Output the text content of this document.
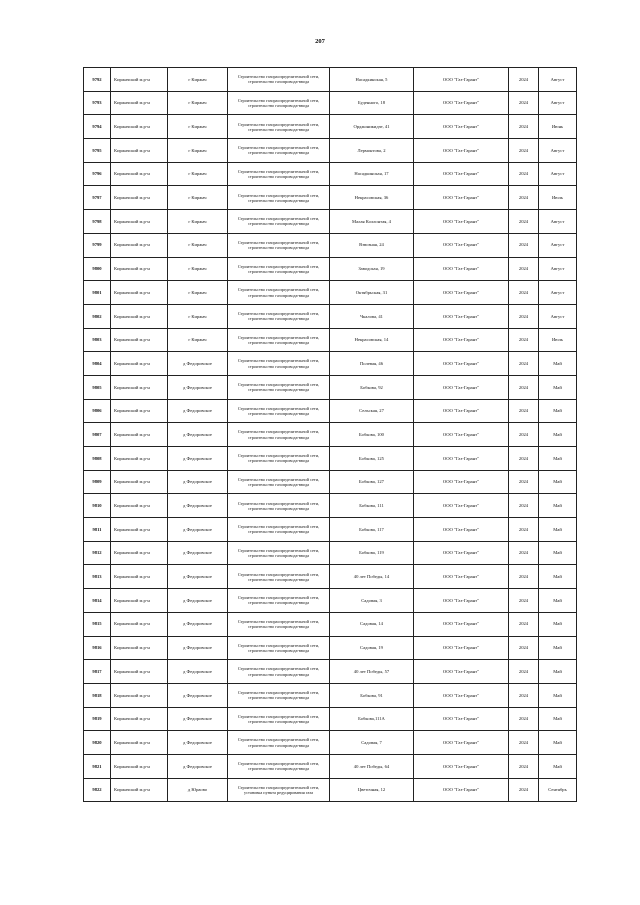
207
9792	Киржачский м.р-н	г Киржач	Строительство газораспределительной сети, строительство газопровода-ввода	Насадкинская, 5	ООО "Газ-Гарант"	2024	Август
9793	Киржачский м.р-н	г Киржач	Строительство газораспределительной сети, строительство газопровода-ввода	Буденного, 18	ООО "Газ-Гарант"	2024	Август
9794	Киржачский м.р-н	г Киржач	Строительство газораспределительной сети, строительство газопровода-ввода	Орджоникидзе, 41	ООО "Газ-Гарант"	2024	Июнь
9795	Киржачский м.р-н	г Киржач	Строительство газораспределительной сети, строительство газопровода-ввода	Лермонтова, 2	ООО "Газ-Гарант"	2024	Август
9796	Киржачский м.р-н	г Киржач	Строительство газораспределительной сети, строительство газопровода-ввода	Насадкинская, 17	ООО "Газ-Гарант"	2024	Август
9797	Киржачский м.р-н	г Киржач	Строительство газораспределительной сети, строительство газопровода-ввода	Некрасовская, 36	ООО "Газ-Гарант"	2024	Июль
9798	Киржачский м.р-н	г Киржач	Строительство газораспределительной сети, строительство газопровода-ввода	Малая Коллонтая, 4	ООО "Газ-Гарант"	2024	Август
9799	Киржачский м.р-н	г Киржач	Строительство газораспределительной сети, строительство газопровода-ввода	Взвозная, 24	ООО "Газ-Гарант"	2024	Август
9800	Киржачский м.р-н	г Киржач	Строительство газораспределительной сети, строительство газопровода-ввода	Заводская, 19	ООО "Газ-Гарант"	2024	Август
9801	Киржачский м.р-н	г Киржач	Строительство газораспределительной сети, строительство газопровода-ввода	Октябрьская, 31	ООО "Газ-Гарант"	2024	Август
9802	Киржачский м.р-н	г Киржач	Строительство газораспределительной сети, строительство газопровода-ввода	Чкалова, 41	ООО "Газ-Гарант"	2024	Август
9803	Киржачский м.р-н	г Киржач	Строительство газораспределительной сети, строительство газопровода-ввода	Некрасовская, 14	ООО "Газ-Гарант"	2024	Июль
9804	Киржачский м.р-н	д Федоровское	Строительство газораспределительной сети, строительство газопровода-ввода	Полевая, 46	ООО "Газ-Гарант"	2024	Май
9805	Киржачский м.р-н	д Федоровское	Строительство газораспределительной сети, строительство газопровода-ввода	Бобкова, 92	ООО "Газ-Гарант"	2024	Май
9806	Киржачский м.р-н	д Федоровское	Строительство газораспределительной сети, строительство газопровода-ввода	Сельская, 27	ООО "Газ-Гарант"	2024	Май
9807	Киржачский м.р-н	д Федоровское	Строительство газораспределительной сети, строительство газопровода-ввода	Бобкова, 100	ООО "Газ-Гарант"	2024	Май
9808	Киржачский м.р-н	д Федоровское	Строительство газораспределительной сети, строительство газопровода-ввода	Бобкова, 125	ООО "Газ-Гарант"	2024	Май
9809	Киржачский м.р-н	д Федоровское	Строительство газораспределительной сети, строительство газопровода-ввода	Бобкова, 127	ООО "Газ-Гарант"	2024	Май
9810	Киржачский м.р-н	д Федоровское	Строительство газораспределительной сети, строительство газопровода-ввода	Бобкова, 111	ООО "Газ-Гарант"	2024	Май
9811	Киржачский м.р-н	д Федоровское	Строительство газораспределительной сети, строительство газопровода-ввода	Бобкова, 117	ООО "Газ-Гарант"	2024	Май
9812	Киржачский м.р-н	д Федоровское	Строительство газораспределительной сети, строительство газопровода-ввода	Бобкова, 119	ООО "Газ-Гарант"	2024	Май
9813	Киржачский м.р-н	д Федоровское	Строительство газораспределительной сети, строительство газопровода-ввода	40 лет Победы, 14	ООО "Газ-Гарант"	2024	Май
9814	Киржачский м.р-н	д Федоровское	Строительство газораспределительной сети, строительство газопровода-ввода	Садовая, 3	ООО "Газ-Гарант"	2024	Май
9815	Киржачский м.р-н	д Федоровское	Строительство газораспределительной сети, строительство газопровода-ввода	Садовая, 14	ООО "Газ-Гарант"	2024	Май
9816	Киржачский м.р-н	д Федоровское	Строительство газораспределительной сети, строительство газопровода-ввода	Садовая, 19	ООО "Газ-Гарант"	2024	Май
9817	Киржачский м.р-н	д Федоровское	Строительство газораспределительной сети, строительство газопровода-ввода	40 лет Победы, 57	ООО "Газ-Гарант"	2024	Май
9818	Киржачский м.р-н	д Федоровское	Строительство газораспределительной сети, строительство газопровода-ввода	Бобкова, 91	ООО "Газ-Гарант"	2024	Май
9819	Киржачский м.р-н	д Федоровское	Строительство газораспределительной сети, строительство газопровода-ввода	Бобкова,111А	ООО "Газ-Гарант"	2024	Май
9820	Киржачский м.р-н	д Федоровское	Строительство газораспределительной сети, строительство газопровода-ввода	Садовая, 7	ООО "Газ-Гарант"	2024	Май
9821	Киржачский м.р-н	д Федоровское	Строительство газораспределительной сети, строительство газопровода-ввода	40 лет Победы, 64	ООО "Газ-Гарант"	2024	Май
9822	Киржачский м.р-н	д Юраово	Строительство газораспределительной сети, установка пункта редуцирования газа	Цветочная, 12	ООО "Газ-Гарант"	2024	Сентябрь
